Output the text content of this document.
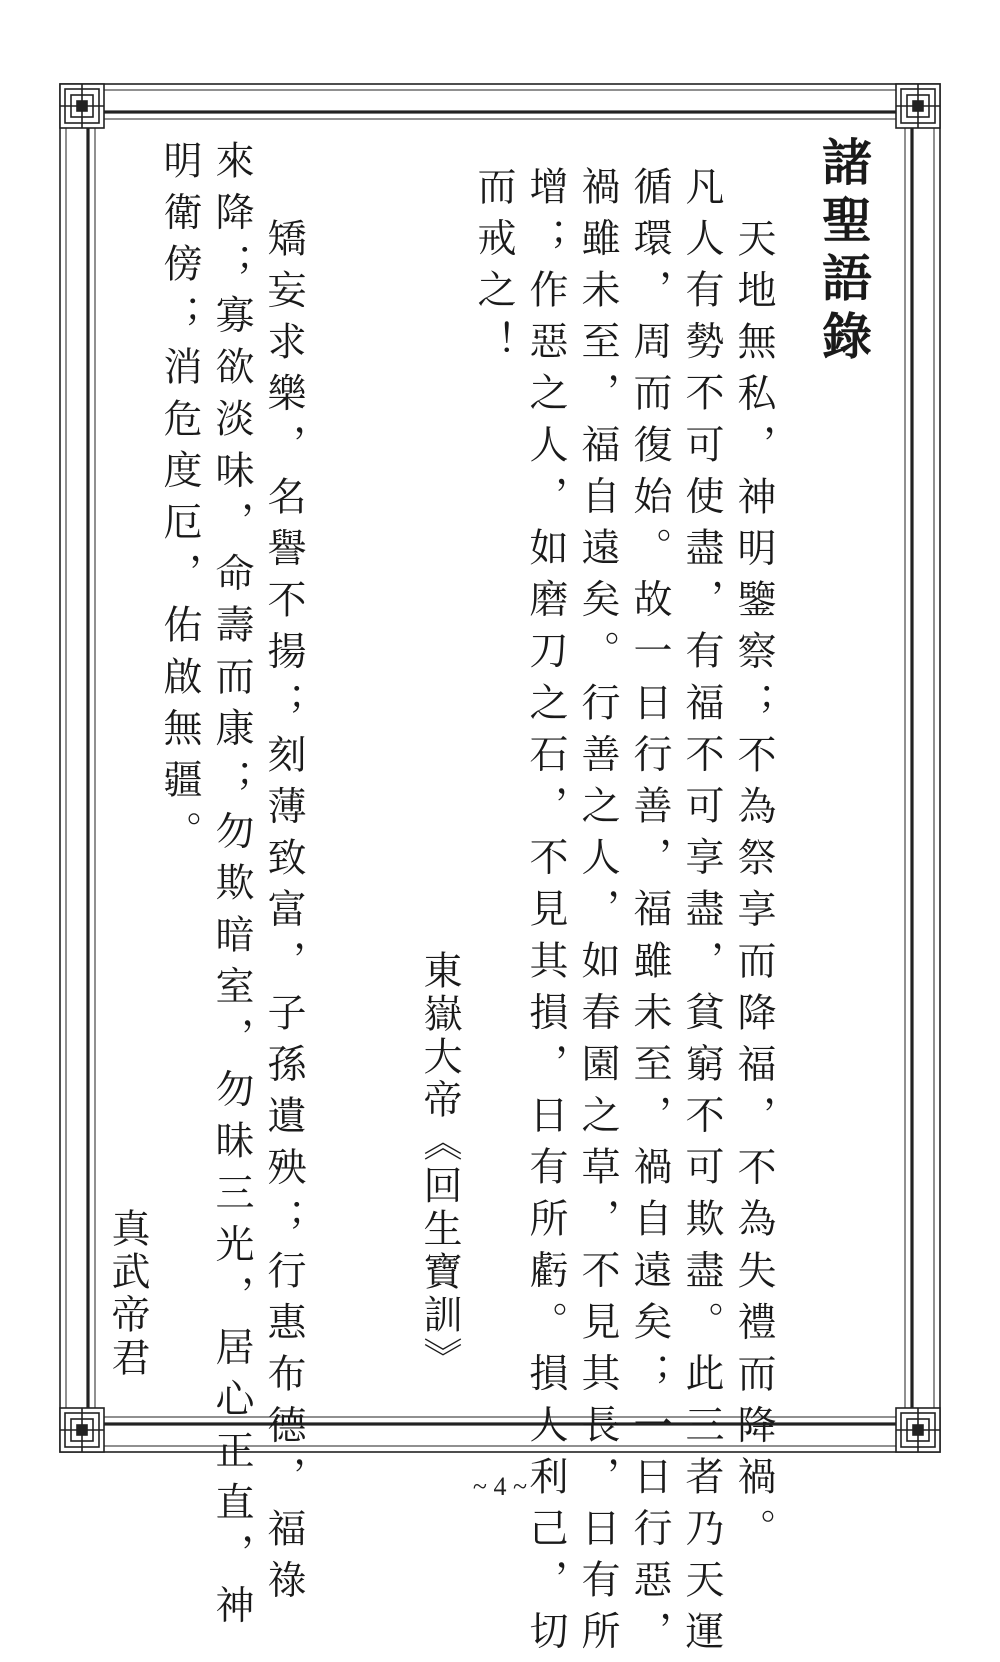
諸聖語錄
天地無私，神明鑒察；不為祭享而降福，不為失禮而降禍。
凡人有勢不可使盡，有福不可享盡，貧窮不可欺盡。此三者乃天運
循環，周而復始。故一日行善，福雖未至，禍自遠矣；一日行惡，
禍雖未至，福自遠矣。行善之人，如春園之草，不見其長，日有所
增；作惡之人，如磨刀之石，不見其損，日有所虧。損人利己，切
而戒之！
東嶽大帝《回生寶訓》
矯妄求樂，名譽不揚；刻薄致富，子孫遺殃；行惠布德，福祿
來降；寡欲淡味，命壽而康；勿欺暗室，勿昧三光，居心正直，神
明衛傍；消危度厄，佑啟無疆。
真武帝君
~ 4 ~
